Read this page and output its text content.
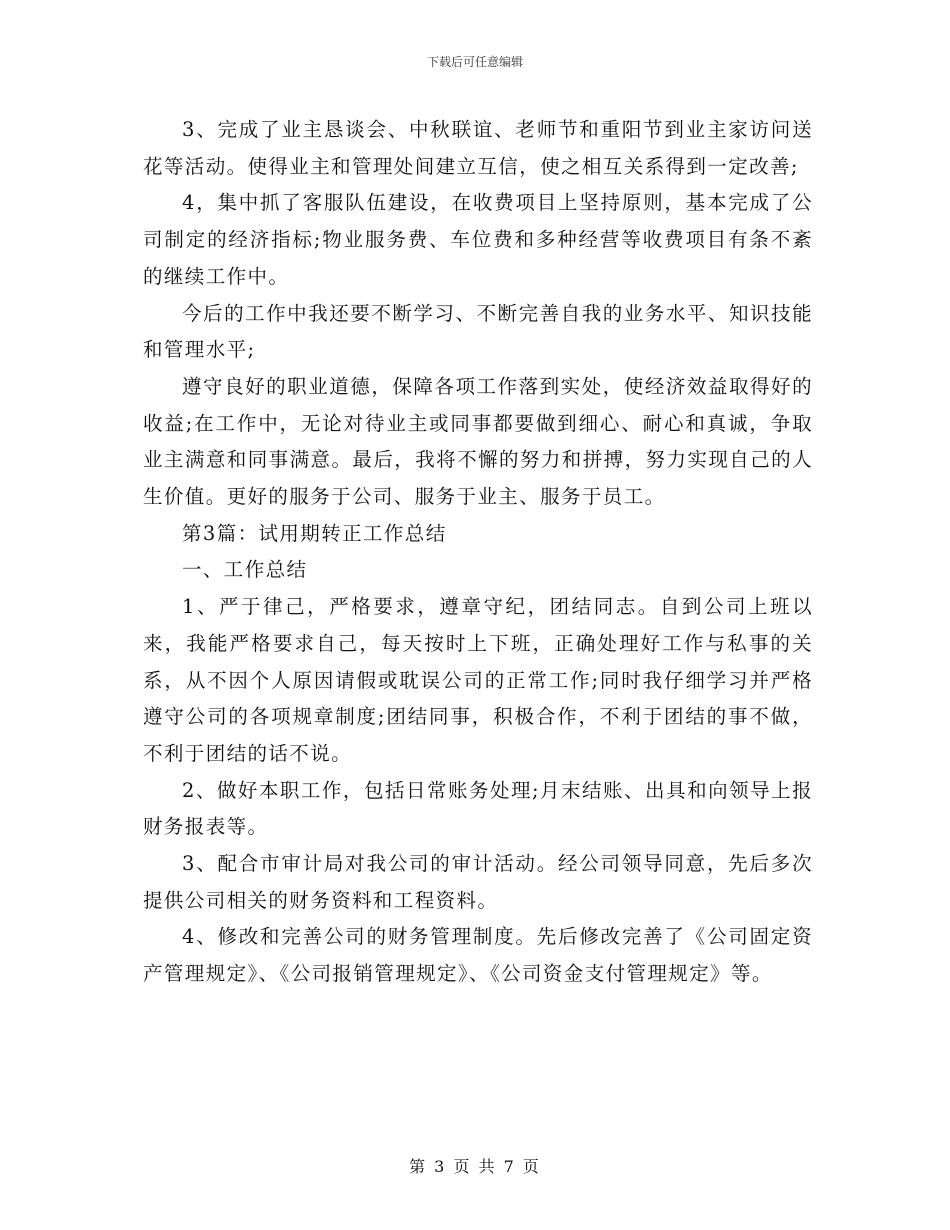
下载后可任意编辑

3、完成了业主恳谈会、中秋联谊、老师节和重阳节到业主家访问送花等活动。使得业主和管理处间建立互信，使之相互关系得到一定改善;

4，集中抓了客服队伍建设，在收费项目上坚持原则，基本完成了公司制定的经济指标;物业服务费、车位费和多种经营等收费项目有条不紊的继续工作中。

今后的工作中我还要不断学习、不断完善自我的业务水平、知识技能和管理水平;

遵守良好的职业道德，保障各项工作落到实处，使经济效益取得好的收益;在工作中，无论对待业主或同事都要做到细心、耐心和真诚，争取业主满意和同事满意。最后，我将不懈的努力和拼搏，努力实现自己的人生价值。更好的服务于公司、服务于业主、服务于员工。

第3篇：试用期转正工作总结

一、工作总结

1、严于律己，严格要求，遵章守纪，团结同志。自到公司上班以来，我能严格要求自己，每天按时上下班，正确处理好工作与私事的关系，从不因个人原因请假或耽误公司的正常工作;同时我仔细学习并严格遵守公司的各项规章制度;团结同事，积极合作，不利于团结的事不做，不利于团结的话不说。

2、做好本职工作，包括日常账务处理;月末结账、出具和向领导上报财务报表等。

3、配合市审计局对我公司的审计活动。经公司领导同意，先后多次提供公司相关的财务资料和工程资料。

4、修改和完善公司的财务管理制度。先后修改完善了《公司固定资产管理规定》、《公司报销管理规定》、《公司资金支付管理规定》等。

第 3 页 共 7 页
